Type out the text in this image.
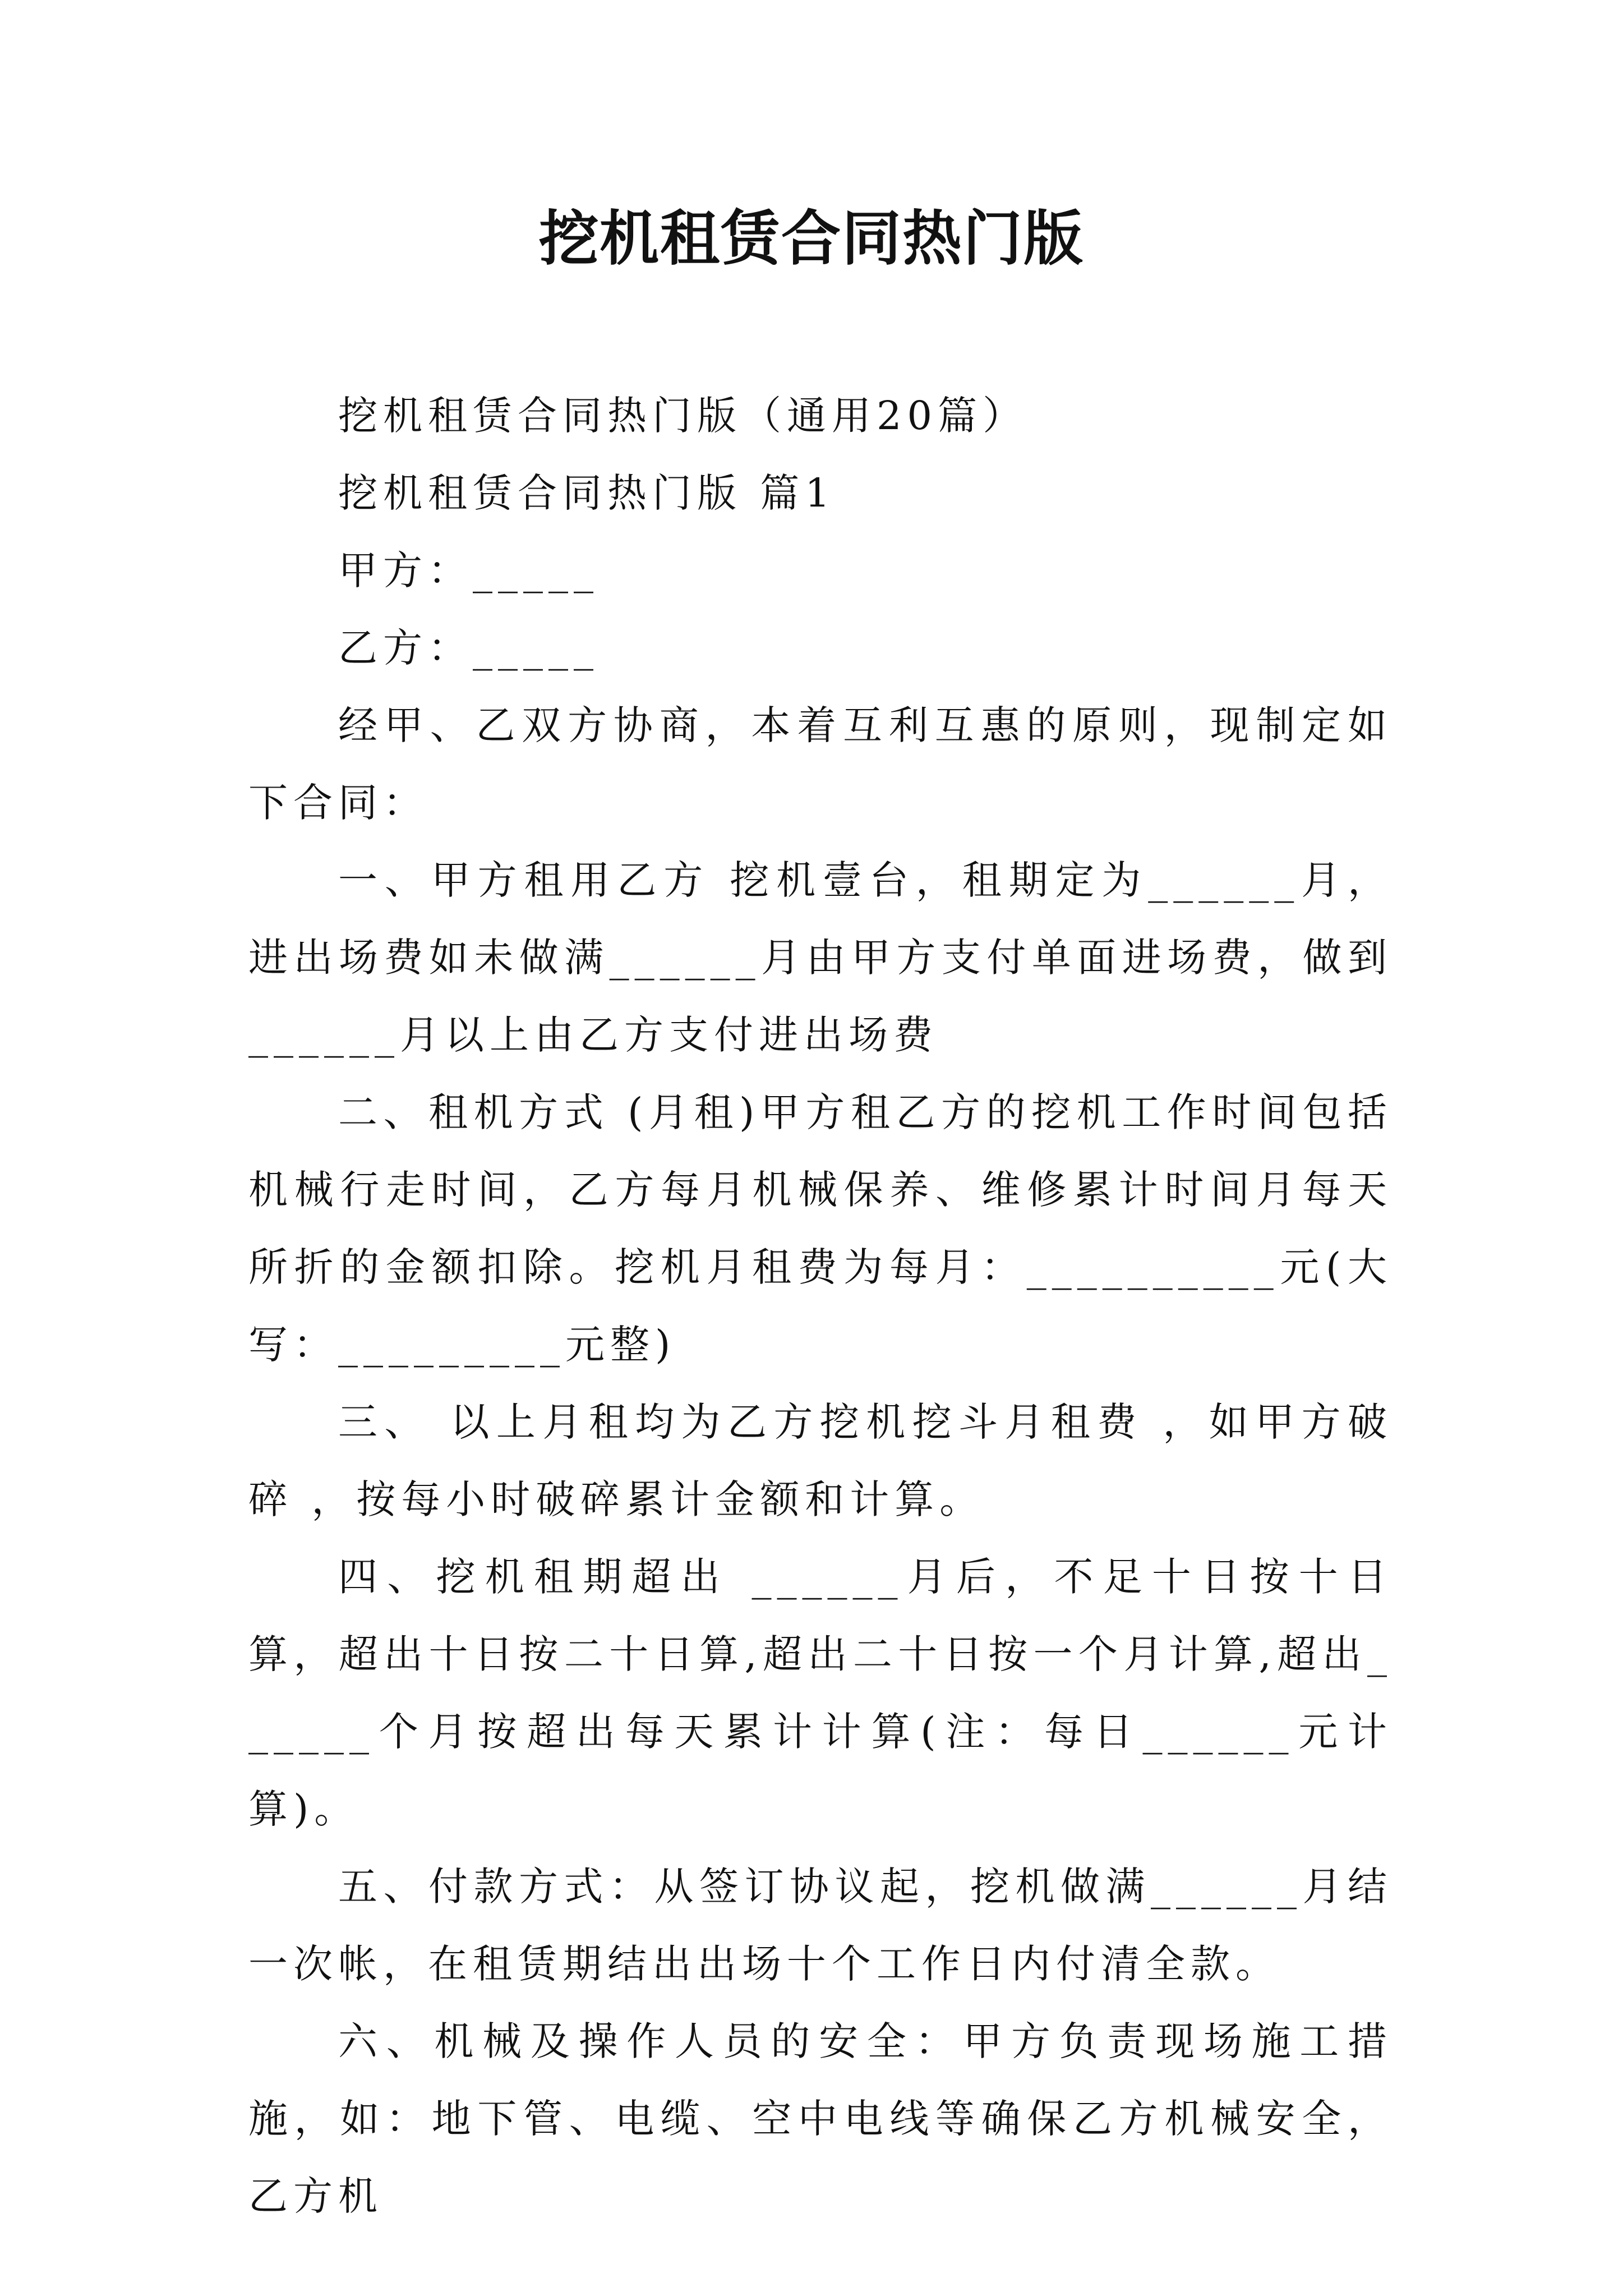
挖机租赁合同热门版

挖机租赁合同热门版（通用20篇）

挖机租赁合同热门版 篇1

甲方：_____

乙方：_____

经甲、乙双方协商，本着互利互惠的原则，现制定如下合同：

一、甲方租用乙方 挖机壹台，租期定为______月，进出场费如未做满______月由甲方支付单面进场费，做到______月以上由乙方支付进出场费

二、租机方式 (月租)甲方租乙方的挖机工作时间包括机械行走时间，乙方每月机械保养、维修累计时间月每天所折的金额扣除。挖机月租费为每月：__________元(大写：_________元整)

三、 以上月租均为乙方挖机挖斗月租费 ，如甲方破碎 ，按每小时破碎累计金额和计算。

四、挖机租期超出 ______月后，不足十日按十日算，超出十日按二十日算,超出二十日按一个月计算,超出______个月按超出每天累计计算(注：每日______元计算)。

五、付款方式：从签订协议起，挖机做满______月结一次帐，在租赁期结出出场十个工作日内付清全款。

六、机械及操作人员的安全：甲方负责现场施工措施，如：地下管、电缆、空中电线等确保乙方机械安全，乙方机
